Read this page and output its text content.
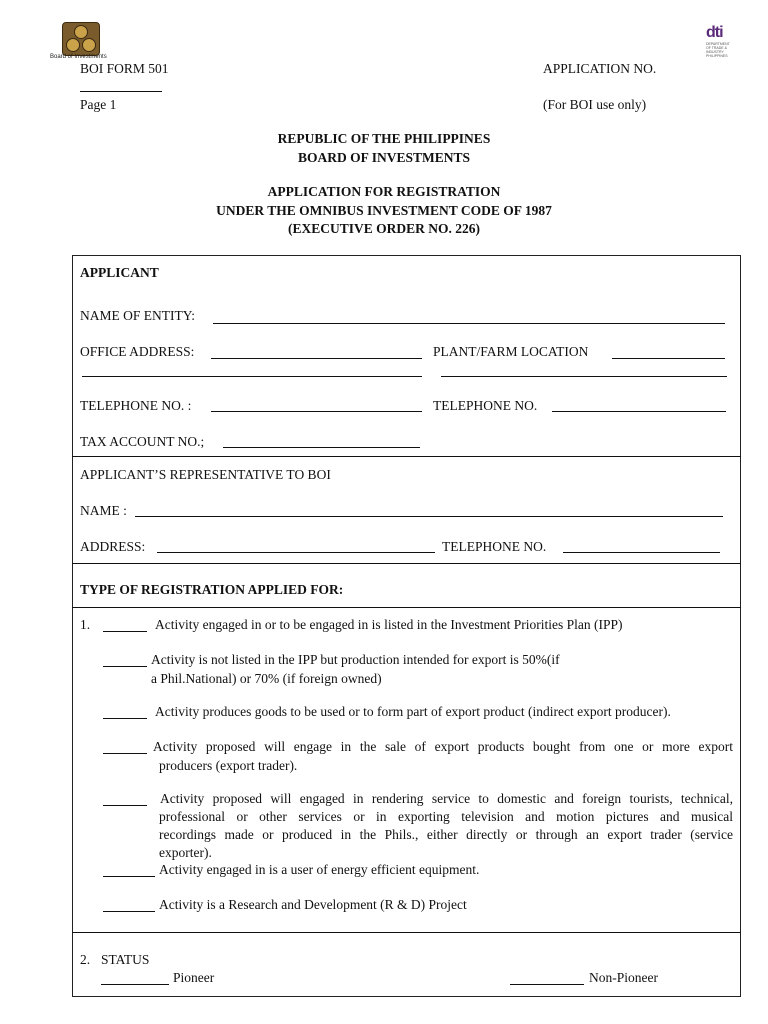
Board of Investments
dti
DEPARTMENT OF TRADE & INDUSTRY PHILIPPINES
BOI FORM 501
Page 1
APPLICATION NO.
(For BOI use only)
REPUBLIC OF THE PHILIPPINES
BOARD OF INVESTMENTS
APPLICATION FOR REGISTRATION
UNDER THE OMNIBUS INVESTMENT CODE OF 1987
(EXECUTIVE ORDER NO. 226)
APPLICANT
NAME OF ENTITY:
OFFICE ADDRESS:	PLANT/FARM LOCATION
TELEPHONE NO. :	TELEPHONE NO.
TAX ACCOUNT NO.;
APPLICANT’S REPRESENTATIVE TO BOI
NAME :
ADDRESS:	TELEPHONE NO.
TYPE OF REGISTRATION APPLIED FOR:
1.	Activity engaged in or to be engaged in is listed in the Investment Priorities Plan (IPP)
Activity is not listed in the IPP but production intended for export is 50%(if
a Phil.National) or 70% (if foreign owned)
Activity produces goods to be used or to form part of export product (indirect export producer).
Activity proposed will engage in the sale of export products bought from one or more export
producers (export trader).
Activity proposed will engaged in rendering service to domestic and foreign tourists, technical,
professional or other services or in exporting television and motion pictures and musical
recordings made or produced in the Phils., either directly or through an export trader (service
exporter).
Activity engaged in is a user of energy efficient equipment.
Activity is a Research and Development (R & D) Project
2. STATUS
Pioneer	Non-Pioneer
